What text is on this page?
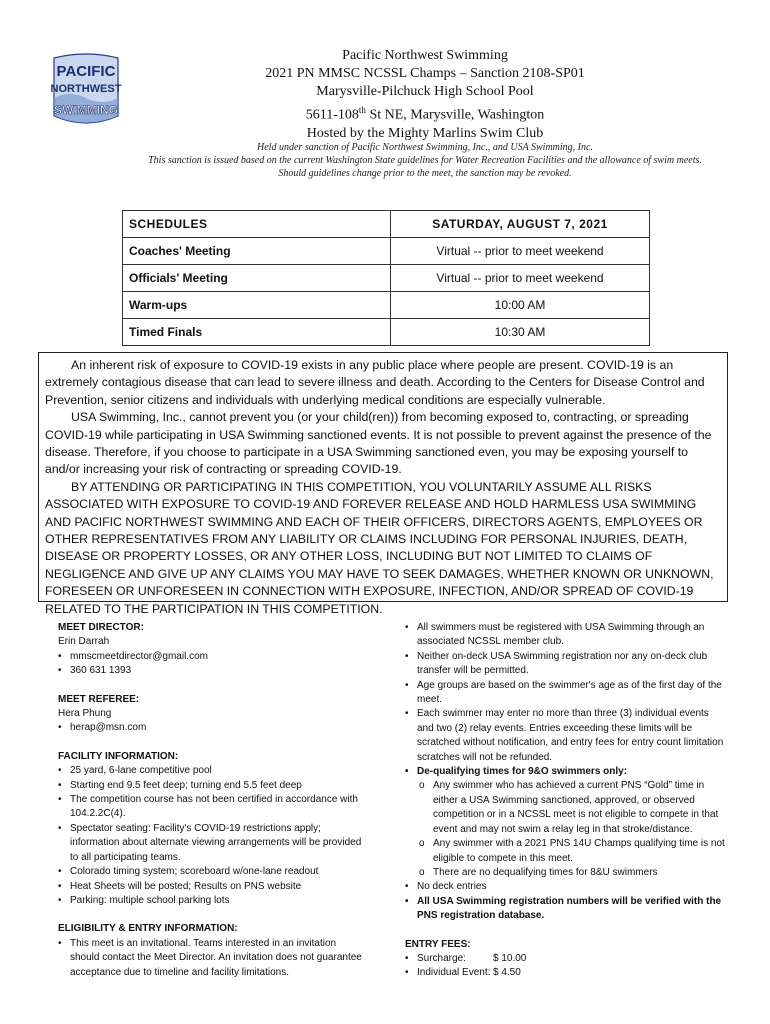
PACIFIC
NORTHWEST
SWIMMING
Pacific Northwest Swimming
2021 PN MMSC NCSSL Champs – Sanction 2108-SP01
Marysville-Pilchuck High School Pool
5611-108th St NE, Marysville, Washington
Hosted by the Mighty Marlins Swim Club
Held under sanction of Pacific Northwest Swimming, Inc., and USA Swimming, Inc.
This sanction is issued based on the current Washington State guidelines for Water Recreation Facilities and the allowance of swim meets.
Should guidelines change prior to the meet, the sanction may be revoked.
SCHEDULES	SATURDAY, AUGUST 7, 2021
Coaches' Meeting	Virtual -- prior to meet weekend
Officials' Meeting	Virtual -- prior to meet weekend
Warm-ups	10:00 AM
Timed Finals	10:30 AM

An inherent risk of exposure to COVID-19 exists in any public place where people are present. COVID-19 is an extremely contagious disease that can lead to severe illness and death. According to the Centers for Disease Control and Prevention, senior citizens and individuals with underlying medical conditions are especially vulnerable.

USA Swimming, Inc., cannot prevent you (or your child(ren)) from becoming exposed to, contracting, or spreading COVID-19 while participating in USA Swimming sanctioned events. It is not possible to prevent against the presence of the disease. Therefore, if you choose to participate in a USA Swimming sanctioned even, you may be exposing yourself to and/or increasing your risk of contracting or spreading COVID-19.

BY ATTENDING OR PARTICIPATING IN THIS COMPETITION, YOU VOLUNTARILY ASSUME ALL RISKS ASSOCIATED WITH EXPOSURE TO COVID-19 AND FOREVER RELEASE AND HOLD HARMLESS USA SWIMMING AND PACIFIC NORTHWEST SWIMMING AND EACH OF THEIR OFFICERS, DIRECTORS AGENTS, EMPLOYEES OR OTHER REPRESENTATIVES FROM ANY LIABILITY OR CLAIMS INCLUDING FOR PERSONAL INJURIES, DEATH, DISEASE OR PROPERTY LOSSES, OR ANY OTHER LOSS, INCLUDING BUT NOT LIMITED TO CLAIMS OF NEGLIGENCE AND GIVE UP ANY CLAIMS YOU MAY HAVE TO SEEK DAMAGES, WHETHER KNOWN OR UNKNOWN, FORESEEN OR UNFORESEEN IN CONNECTION WITH EXPOSURE, INFECTION, AND/OR SPREAD OF COVID-19 RELATED TO THE PARTICIPATION IN THIS COMPETITION.

MEET DIRECTOR:
Erin Darrah
• mmscmeetdirector@gmail.com
• 360 631 1393
MEET REFEREE:
Hera Phung
• herap@msn.com
FACILITY INFORMATION:
• 25 yard, 6-lane competitive pool
• Starting end 9.5 feet deep; turning end 5.5 feet deep
• The competition course has not been certified in accordance with 104.2.2C(4).
• Spectator seating: Facility's COVID-19 restrictions apply; information about alternate viewing arrangements will be provided to all participating teams.
• Colorado timing system; scoreboard w/one-lane readout
• Heat Sheets will be posted; Results on PNS website
• Parking: multiple school parking lots
ELIGIBILITY & ENTRY INFORMATION:
• This meet is an invitational. Teams interested in an invitation should contact the Meet Director. An invitation does not guarantee acceptance due to timeline and facility limitations.
• All swimmers must be registered with USA Swimming through an associated NCSSL member club.
• Neither on-deck USA Swimming registration nor any on-deck club transfer will be permitted.
• Age groups are based on the swimmer's age as of the first day of the meet.
• Each swimmer may enter no more than three (3) individual events and two (2) relay events. Entries exceeding these limits will be scratched without notification, and entry fees for entry count limitation scratches will not be refunded.
• De-qualifying times for 9&O swimmers only:
o Any swimmer who has achieved a current PNS “Gold” time in either a USA Swimming sanctioned, approved, or observed competition or in a NCSSL meet is not eligible to compete in that event and may not swim a relay leg in that stroke/distance.
o Any swimmer with a 2021 PNS 14U Champs qualifying time is not eligible to compete in this meet.
o There are no dequalifying times for 8&U swimmers
• No deck entries
• All USA Swimming registration numbers will be verified with the PNS registration database.
ENTRY FEES:
• Surcharge:	$ 10.00
• Individual Event: $ 4.50
